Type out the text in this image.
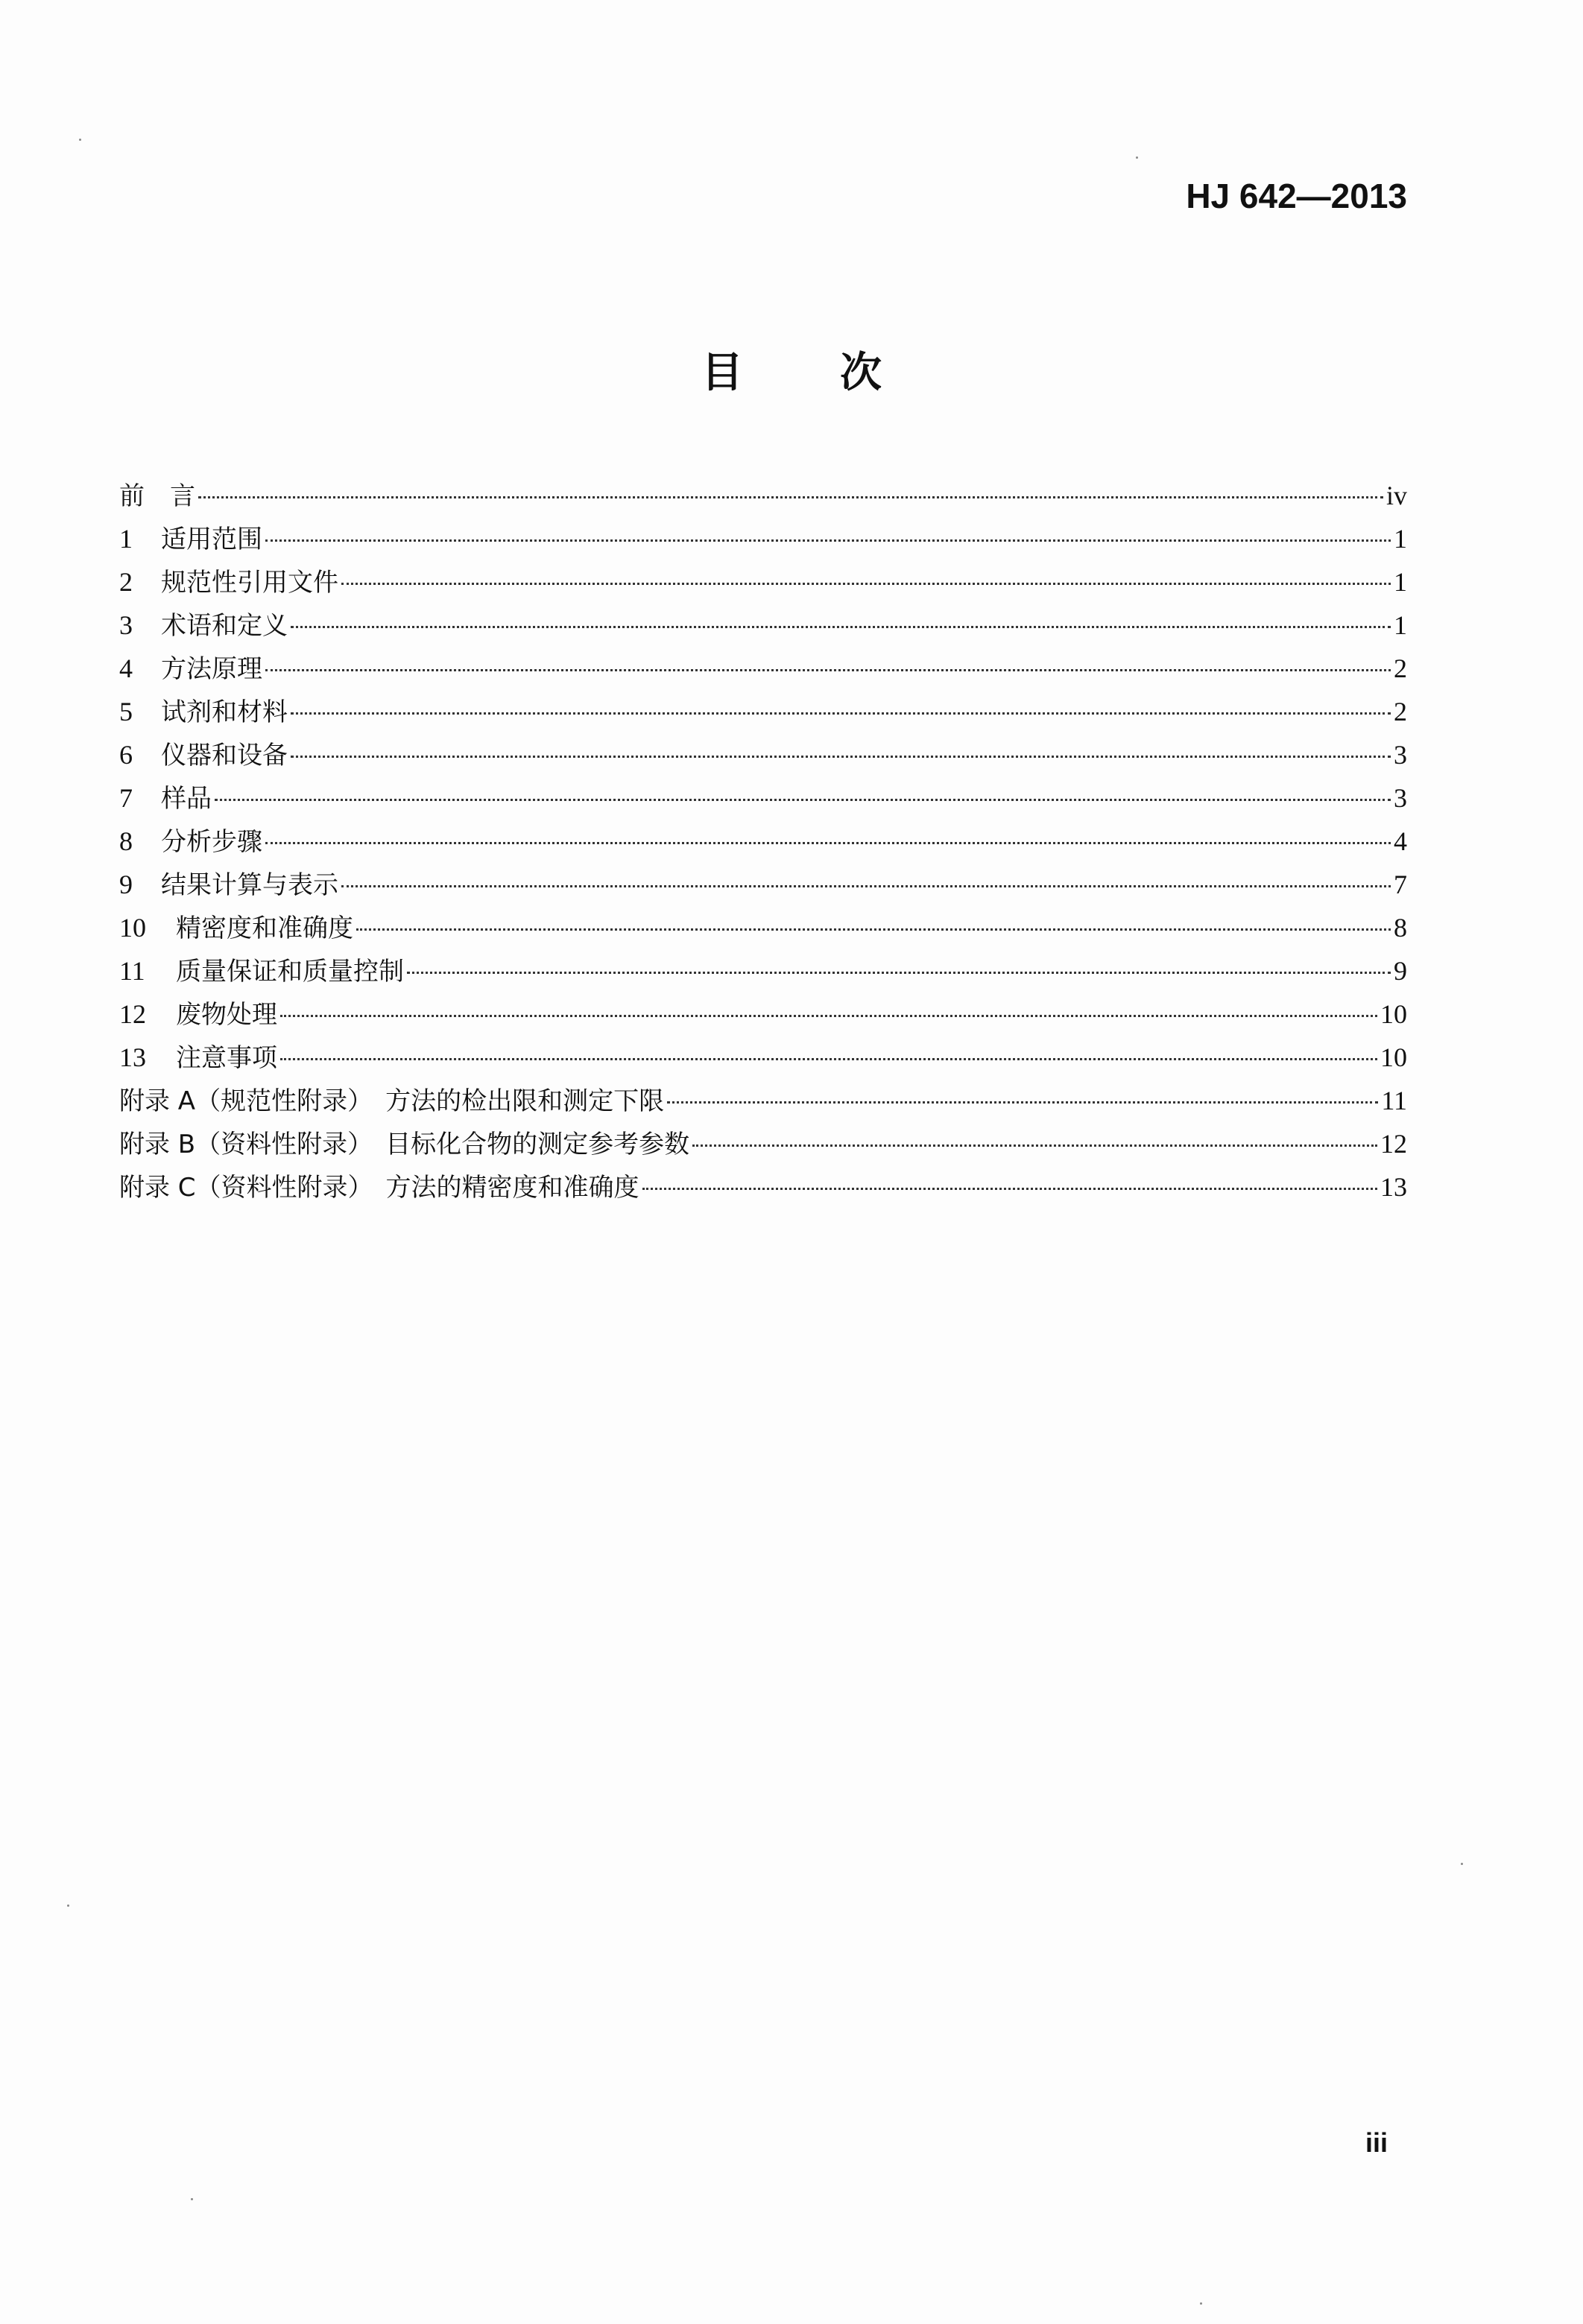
HJ 642—2013
目次
前　言	iv
1	适用范围	1
2	规范性引用文件	1
3	术语和定义	1
4	方法原理	2
5	试剂和材料	2
6	仪器和设备	3
7	样品	3
8	分析步骤	4
9	结果计算与表示	7
10	精密度和准确度	8
11	质量保证和质量控制	9
12	废物处理	10
13	注意事项	10
附录 A（规范性附录）　方法的检出限和测定下限	11
附录 B（资料性附录）　目标化合物的测定参考参数	12
附录 C（资料性附录）　方法的精密度和准确度	13
iii
